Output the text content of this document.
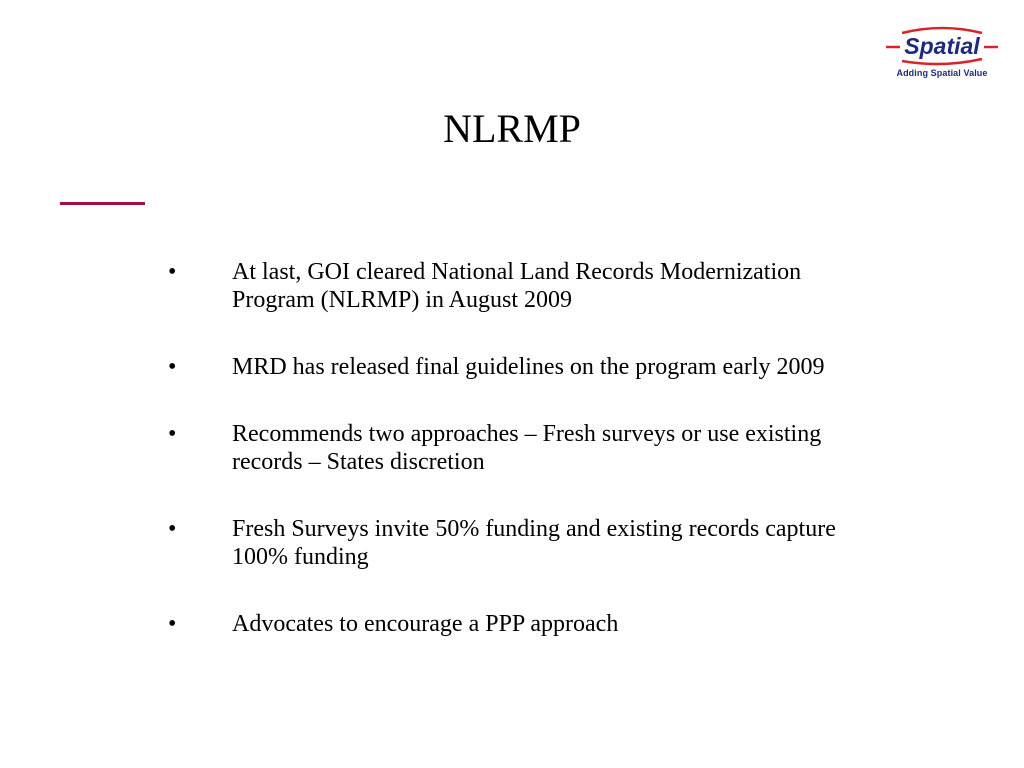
Spatial
Adding Spatial Value
NLRMP
•	At last, GOI cleared National Land Records Modernization Program (NLRMP) in August 2009
•	MRD has released final guidelines on the program early 2009
•	Recommends two approaches – Fresh surveys or use existing records – States discretion
•	Fresh Surveys invite 50% funding and existing records capture 100% funding
•	Advocates to encourage a PPP approach
